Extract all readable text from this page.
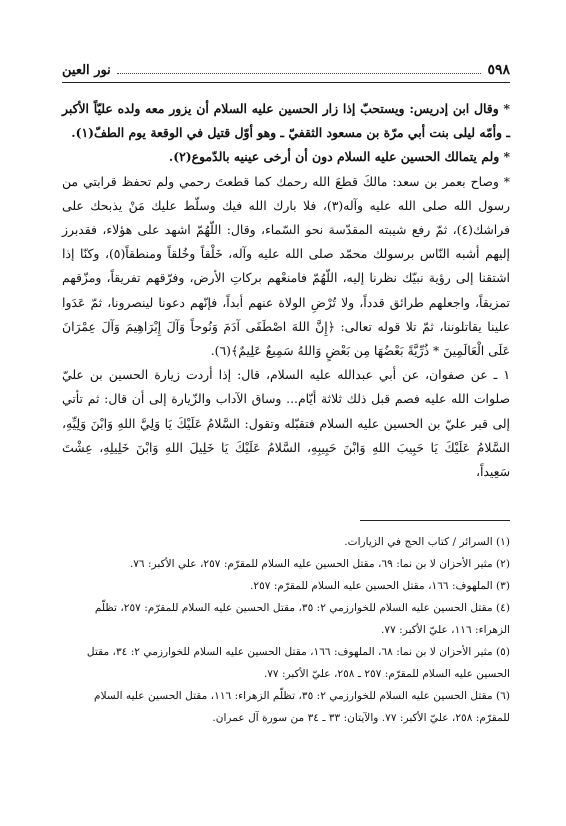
٥٩٨
نور العين

* وقال ابن إدريس: ويستحبّ إذا زار الحسين عليه السلام أن يزور معه ولده عليّاً الأكبر ـ وأمّه ليلى بنت أبي مرّة بن مسعود الثقفيّ ـ وهو أوّل قتيل في الوقعة يوم الطفّ(١).

* ولم يتمالك الحسين عليه السلام دون أن أرخى عينيه بالدّموع(٢).

* وصاح بعمر بن سعد: مالكَ قطعَ الله رحمك كما قطعتَ رحمي ولم تحفظ قرابتي من رسول الله صلى الله عليه وآله(٣)، فلا بارك الله فيك وسلّط عليك مَنْ يذبحك على فراشك(٤)، ثمّ رفع شيبته المقدّسة نحو السّماء، وقال: اللّهُمّ اشهد على هؤلاء، فقدبرز إليهم أشبه النّاس برسولك محمّد صلى الله عليه وآله، خَلْقاً وخُلقاً ومنطقاً(٥)، وكنّا إذا اشتقنا إلى رؤية نبيّك نظرنا إليه، اللّهُمّ فامنعْهم بركاتِ الأرض، وفرّقهم تفريقاً، ومزّقهم تمزيقاً، واجعلهم طرائق قدداً، ولا تُرْضِ الولاة عنهم أبداً، فإنّهم دعونا لينصرونا، ثمّ عَدَوا علينا يقاتلوننا، ثمّ تلا قوله تعالى: ﴿إِنَّ اللهَ اصْطَفَى آدَمَ وَنُوحاً وَآلَ إِبْرَاهِيمَ وَآلَ عِمْرَانَ عَلَى الْعَالَمِينَ * ذُرِّيَّةً بَعْضُهَا مِن بَعْضٍ وَاللهُ سَمِيعٌ عَلِيمٌ﴾(٦).

١ ـ عن صفوان، عن أبي عبدالله عليه السلام، قال: إذا أردت زيارة الحسين بن عليّ صلوات الله عليه فصم قبل ذلك ثلاثة أيّام... وساق الآداب والزّيارة إلى أن قال: ثم تأتي إلى قبر عليّ بن الحسين عليه السلام فتقبّله وتقول: السَّلامُ عَلَيْكَ يَا وَلِيَّ اللهِ وَابْنَ وَلِيِّهِ، السَّلامُ عَلَيْكَ يَا حَبِيبَ اللهِ وَابْنَ حَبِيبِهِ، السَّلامُ عَلَيْكَ يَا خَلِيلَ اللهِ وَابْنَ خَلِيلِهِ، عِشْتَ سَعِيداً،

(١) السرائر / كتاب الحج في الزيارات.

(٢) مثير الأحزان لا بن نما: ٦٩، مقتل الحسين عليه السلام للمقرّم: ٢٥٧، علي الأكبر: ٧٦.

(٣) الملهوف: ١٦٦، مقتل الحسين عليه السلام للمقرّم: ٢٥٧.

(٤) مقتل الحسين عليه السلام للخوارزمي ٢: ٣٥، مقتل الحسين عليه السلام للمقرّم: ٢٥٧، تظلّم الزهراء: ١١٦، عليّ الأكبر: ٧٧.

(٥) مثير الأحزان لا بن نما: ٦٨، الملهوف: ١٦٦، مقتل الحسين عليه السلام للخوارزمي ٢: ٣٤، مقتل الحسين عليه السلام للمقرّم: ٢٥٧ ـ ٢٥٨، عليّ الأكبر: ٧٧.

(٦) مقتل الحسين عليه السلام للخوارزمي ٢: ٣٥، تظلّم الزهراء: ١١٦، مقتل الحسين عليه السلام للمقرّم: ٢٥٨، عليّ الأكبر: ٧٧. والآيتان: ٣٣ ـ ٣٤ من سورة آل عمران.
